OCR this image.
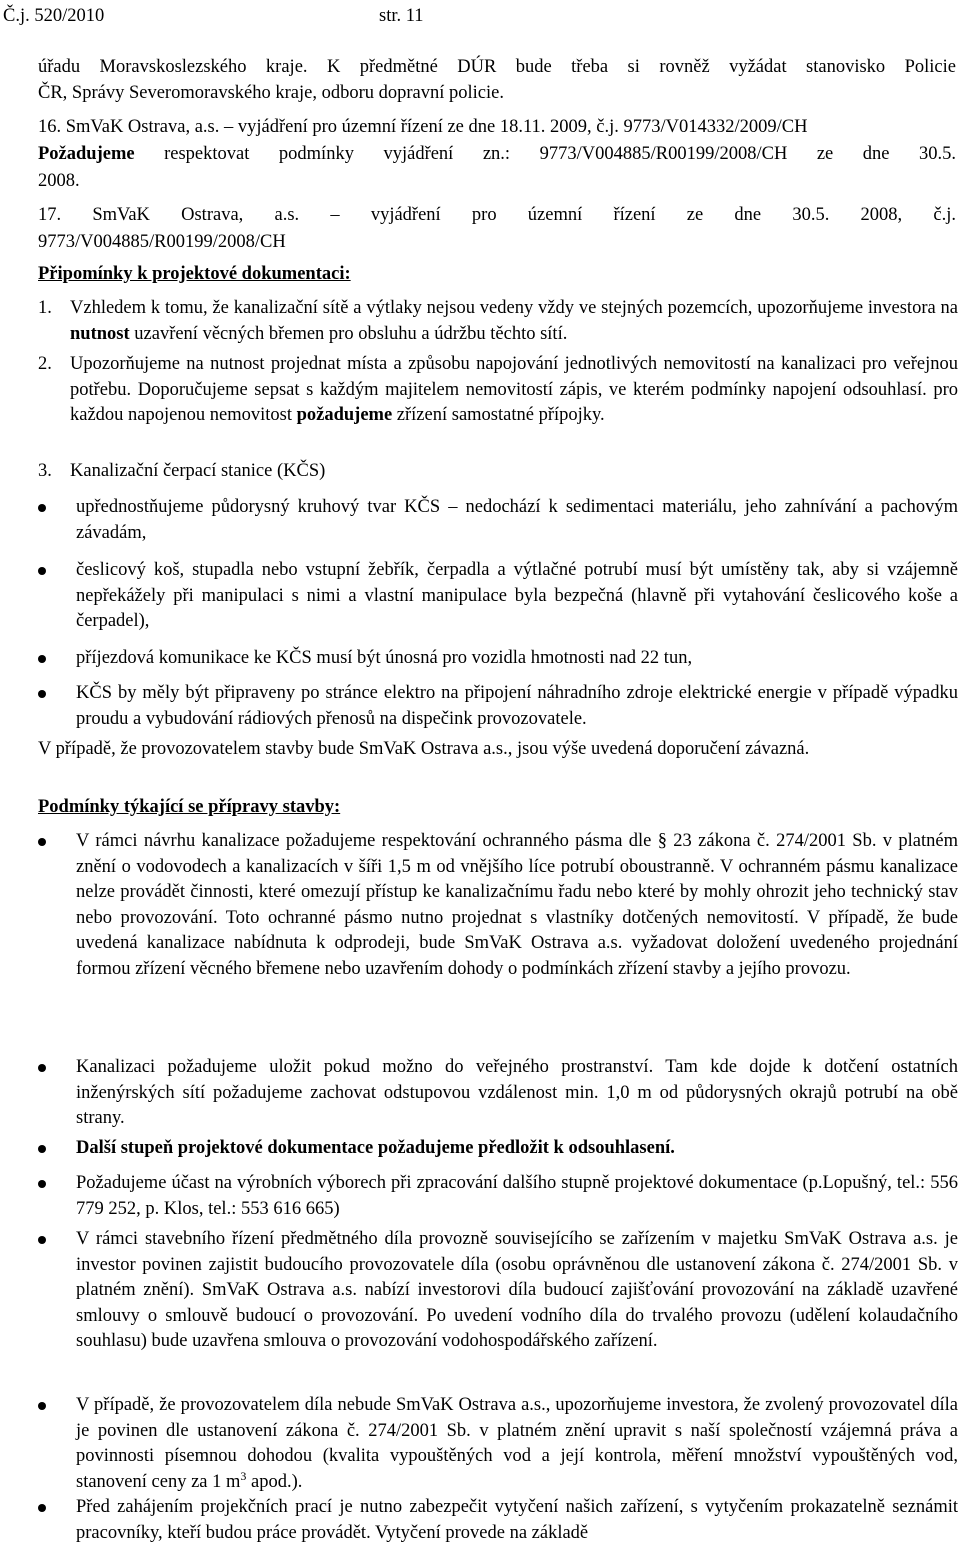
Č.j. 520/2010	str. 11
úřadu Moravskoslezského kraje. K předmětné DÚR bude třeba si rovněž vyžádat stanovisko Policie
ČR, Správy Severomoravského kraje, odboru dopravní policie.
16. SmVaK Ostrava, a.s. – vyjádření pro územní řízení ze dne 18.11. 2009, č.j. 9773/V014332/2009/CH
Požadujeme respektovat podmínky vyjádření zn.: 9773/V004885/R00199/2008/CH ze dne 30.5.
2008.
17. SmVaK Ostrava, a.s. – vyjádření pro územní řízení ze dne 30.5. 2008, č.j.
9773/V004885/R00199/2008/CH
Připomínky k projektové dokumentaci:
1. Vzhledem k tomu, že kanalizační sítě a výtlaky nejsou vedeny vždy ve stejných pozemcích, upozorňujeme investora na nutnost uzavření věcných břemen pro obsluhu a údržbu těchto sítí.
2. Upozorňujeme na nutnost projednat místa a způsobu napojování jednotlivých nemovitostí na kanalizaci pro veřejnou potřebu. Doporučujeme sepsat s každým majitelem nemovitostí zápis, ve kterém podmínky napojení odsouhlasí. pro každou napojenou nemovitost požadujeme zřízení samostatné přípojky.
3. Kanalizační čerpací stanice (KČS)
upřednostňujeme půdorysný kruhový tvar KČS – nedochází k sedimentaci materiálu, jeho zahnívání a pachovým závadám,
česlicový koš, stupadla nebo vstupní žebřík, čerpadla a výtlačné potrubí musí být umístěny tak, aby si vzájemně nepřekážely při manipulaci s nimi a vlastní manipulace byla bezpečná (hlavně při vytahování česlicového koše a čerpadel),
příjezdová komunikace ke KČS musí být únosná pro vozidla hmotnosti nad 22 tun,
KČS by měly být připraveny po stránce elektro na připojení náhradního zdroje elektrické energie v případě výpadku proudu a vybudování rádiových přenosů na dispečink provozovatele.
V případě, že provozovatelem stavby bude SmVaK Ostrava a.s., jsou výše uvedená doporučení závazná.
Podmínky týkající se přípravy stavby:
V rámci návrhu kanalizace požadujeme respektování ochranného pásma dle § 23 zákona č. 274/2001 Sb. v platném znění o vodovodech a kanalizacích v šíři 1,5 m od vnějšího líce potrubí oboustranně. V ochranném pásmu kanalizace nelze provádět činnosti, které omezují přístup ke kanalizačnímu řadu nebo které by mohly ohrozit jeho technický stav nebo provozování. Toto ochranné pásmo nutno projednat s vlastníky dotčených nemovitostí. V případě, že bude uvedená kanalizace nabídnuta k odprodeji, bude SmVaK Ostrava a.s. vyžadovat doložení uvedeného projednání formou zřízení věcného břemene nebo uzavřením dohody o podmínkách zřízení stavby a jejího provozu.
Kanalizaci požadujeme uložit pokud možno do veřejného prostranství. Tam kde dojde k dotčení ostatních inženýrských sítí požadujeme zachovat odstupovou vzdálenost min. 1,0 m od půdorysných okrajů potrubí na obě strany.
Další stupeň projektové dokumentace požadujeme předložit k odsouhlasení.
Požadujeme účast na výrobních výborech při zpracování dalšího stupně projektové dokumentace (p.Lopušný, tel.: 556 779 252, p. Klos, tel.: 553 616 665)
V rámci stavebního řízení předmětného díla provozně souvisejícího se zařízením v majetku SmVaK Ostrava a.s. je investor povinen zajistit budoucího provozovatele díla (osobu oprávněnou dle ustanovení zákona č. 274/2001 Sb. v platném znění). SmVaK Ostrava a.s. nabízí investorovi díla budoucí zajišťování provozování na základě uzavřené smlouvy o smlouvě budoucí o provozování. Po uvedení vodního díla do trvalého provozu (udělení kolaudačního souhlasu) bude uzavřena smlouva o provozování vodohospodářského zařízení.
V případě, že provozovatelem díla nebude SmVaK Ostrava a.s., upozorňujeme investora, že zvolený provozovatel díla je povinen dle ustanovení zákona č. 274/2001 Sb. v platném znění upravit s naší společností vzájemná práva a povinnosti písemnou dohodou (kvalita vypouštěných vod a její kontrola, měření množství vypouštěných vod, stanovení ceny za 1 $m^3$ apod.).
Před zahájením projekčních prací je nutno zabezpečit vytyčení našich zařízení, s vytyčením prokazatelně seznámit pracovníky, kteří budou práce provádět. Vytyčení provede na základě
